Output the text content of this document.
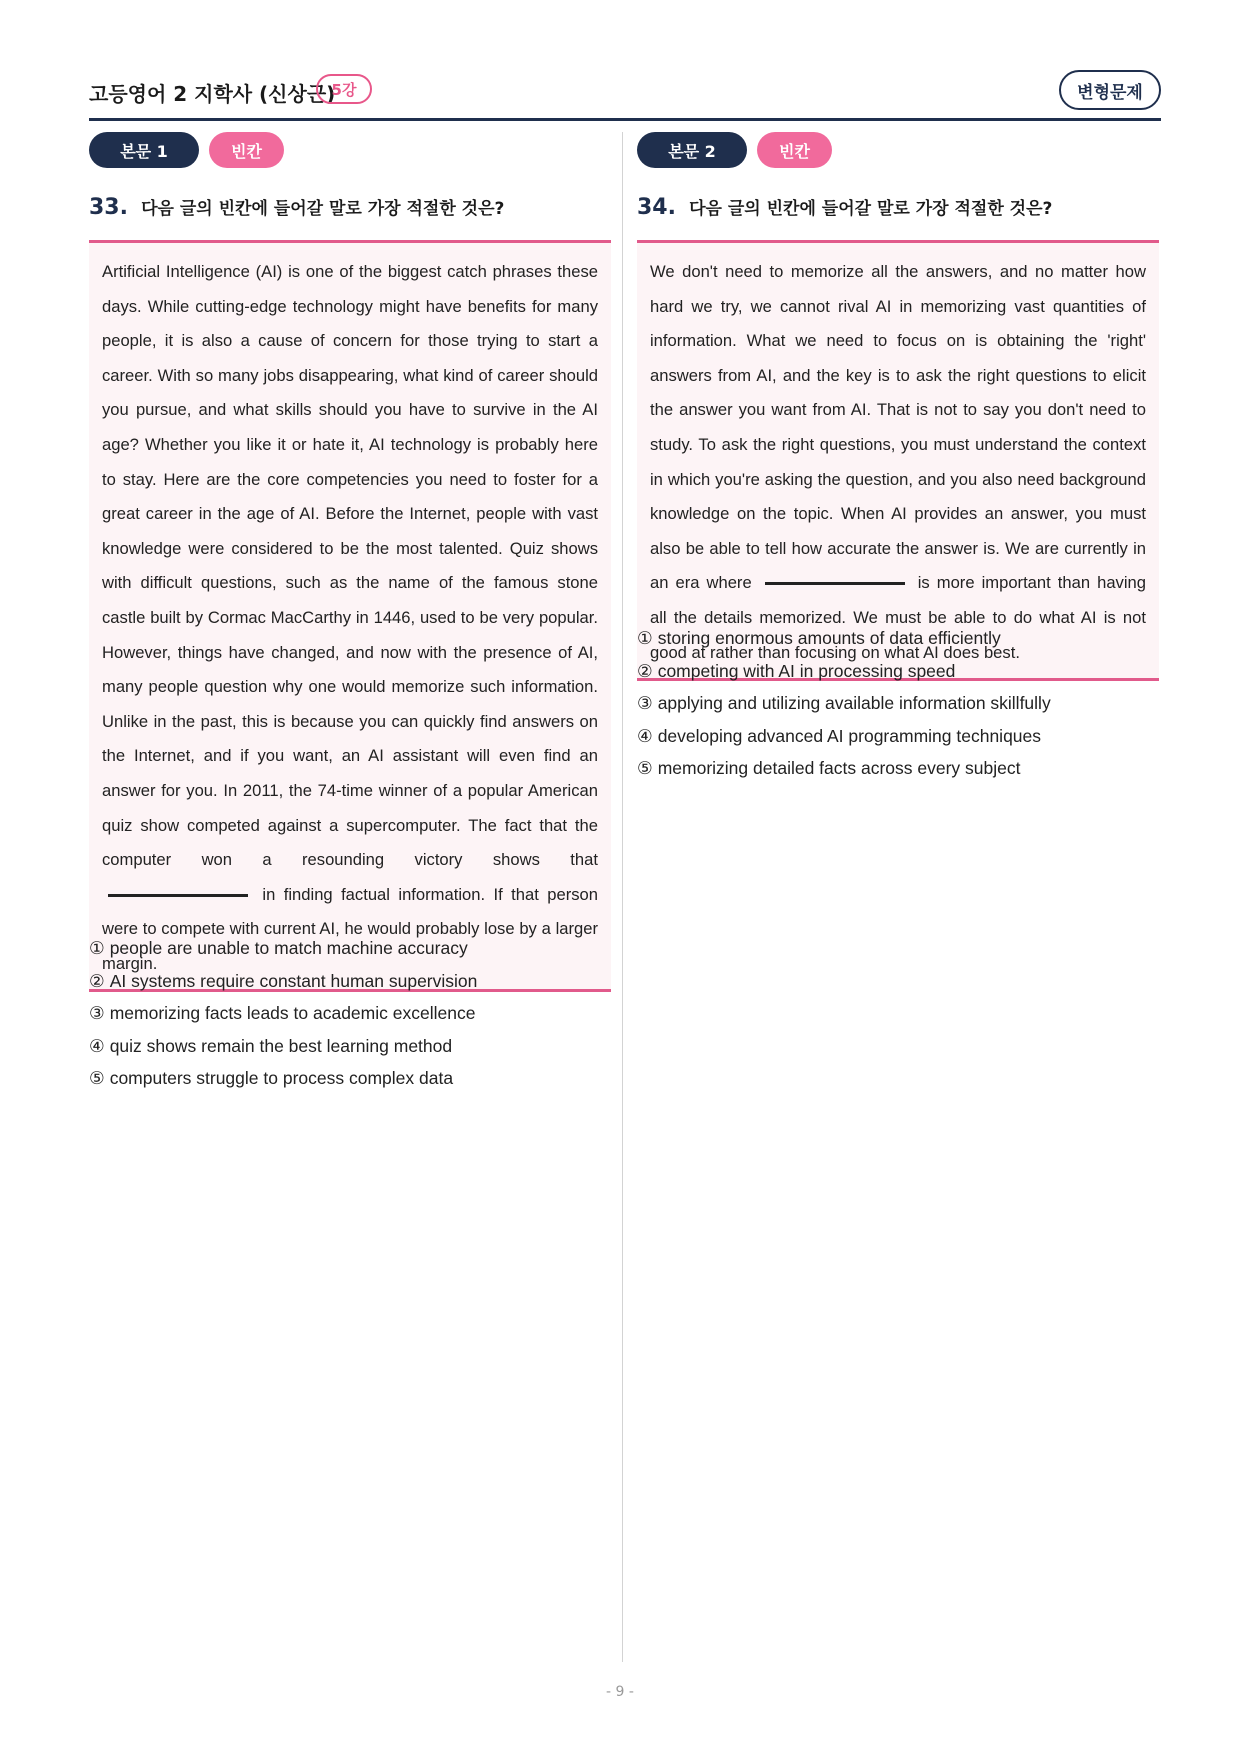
고등영어 2 지학사 (신상근)
5강	변형문제
본문 1	빈칸
33. 다음 글의 빈칸에 들어갈 말로 가장 적절한 것은?

Artificial Intelligence (AI) is one of the biggest catch phrases these days. While cutting-edge technology might have benefits for many people, it is also a cause of concern for those trying to start a career. With so many jobs disappearing, what kind of career should you pursue, and what skills should you have to survive in the AI age? Whether you like it or hate it, AI technology is probably here to stay. Here are the core competencies you need to foster for a great career in the age of AI. Before the Internet, people with vast knowledge were considered to be the most talented. Quiz shows with difficult questions, such as the name of the famous stone castle built by Cormac MacCarthy in 1446, used to be very popular. However, things have changed, and now with the presence of AI, many people question why one would memorize such information. Unlike in the past, this is because you can quickly find answers on the Internet, and if you want, an AI assistant will even find an answer for you. In 2011, the 74-time winner of a popular American quiz show competed against a supercomputer. The fact that the computer won a resounding victory shows that  in finding factual information. If that person were to compete with current AI, he would probably lose by a larger margin.

① people are unable to match machine accuracy
② AI systems require constant human supervision
③ memorizing facts leads to academic excellence
④ quiz shows remain the best learning method
⑤ computers struggle to process complex data
본문 2	빈칸
34. 다음 글의 빈칸에 들어갈 말로 가장 적절한 것은?

We don't need to memorize all the answers, and no matter how hard we try, we cannot rival AI in memorizing vast quantities of information. What we need to focus on is obtaining the 'right' answers from AI, and the key is to ask the right questions to elicit the answer you want from AI. That is not to say you don't need to study. To ask the right questions, you must understand the context in which you're asking the question, and you also need background knowledge on the topic. When AI provides an answer, you must also be able to tell how accurate the answer is. We are currently in an era where	is more important than having all the details memorized. We must be able to do what AI is not good at rather than focusing on what AI does best.

① storing enormous amounts of data efficiently
② competing with AI in processing speed
③ applying and utilizing available information skillfully
④ developing advanced AI programming techniques
⑤ memorizing detailed facts across every subject
- 9 -
